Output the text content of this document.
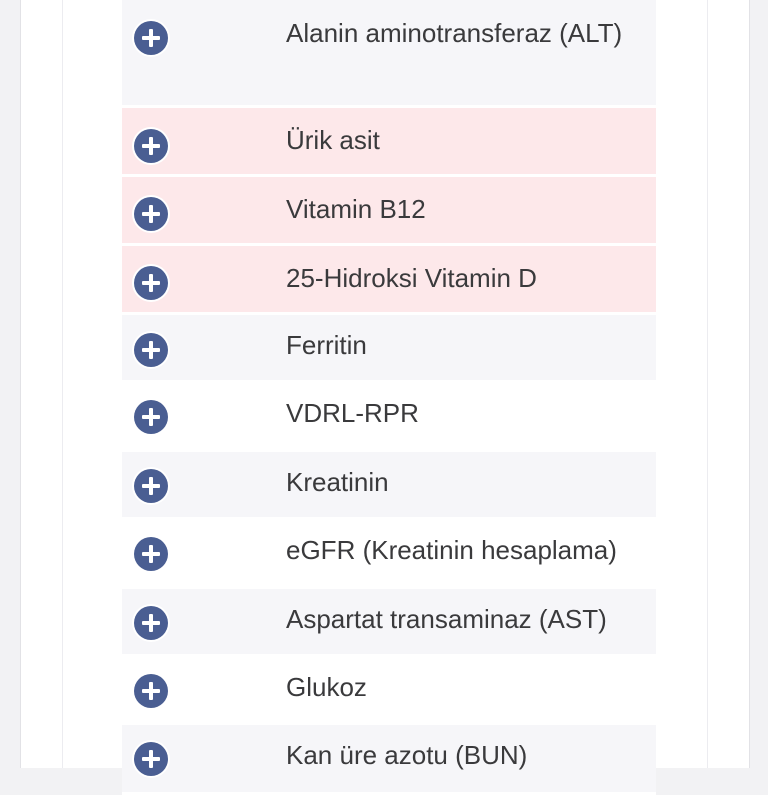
Alanin aminotransferaz (ALT)
Ürik asit
Vitamin B12
25-Hidroksi Vitamin D
Ferritin
VDRL-RPR
Kreatinin
eGFR (Kreatinin hesaplama)
Aspartat transaminaz (AST)
Glukoz
Kan üre azotu (BUN)
